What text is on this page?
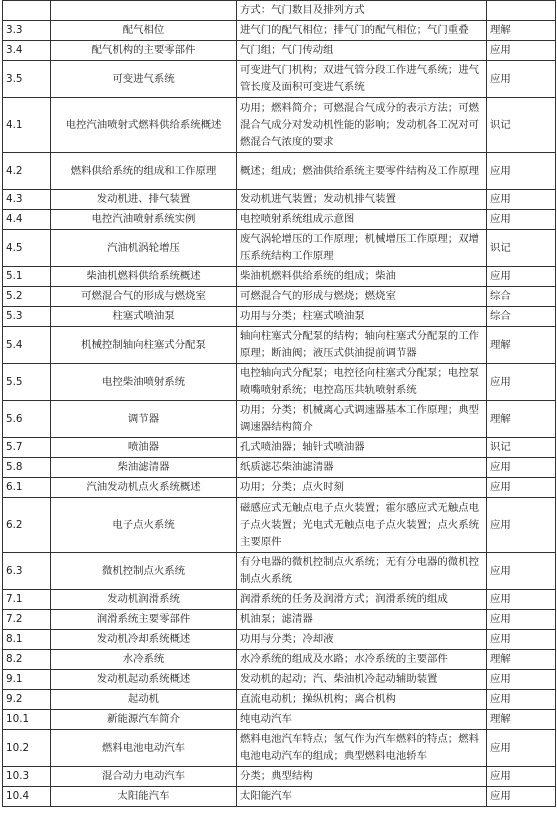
		方式：气门数目及排列方式	
3.3	配气相位	进气门的配气相位；排气门的配气相位；气门重叠	理解
3.4	配气机构的主要零部件	气门组；气门传动组	应用
3.5	可变进气系统	可变进气门机构；双进气管分段工作进气系统；进气管长度及面积可变进气系统	应用
4.1	电控汽油喷射式燃料供给系统概述	功用；燃料简介；可燃混合气成分的表示方法；可燃混合气成分对发动机性能的影响；发动机各工况对可燃混合气浓度的要求	识记
4.2	燃料供给系统的组成和工作原理	概述；组成；燃油供给系统主要零件结构及工作原理	应用
4.3	发动机进、排气装置	发动机进气装置；发动机排气装置	应用
4.4	电控汽油喷射系统实例	电控喷射系统组成示意图	应用
4.5	汽油机涡轮增压	废气涡轮增压的工作原理；机械增压工作原理；双增压系统结构工作原理	识记
5.1	柴油机燃料供给系统概述	柴油机燃料供给系统的组成；柴油	应用
5.2	可燃混合气的形成与燃烧室	可燃混合气的形成与燃烧；燃烧室	综合
5.3	柱塞式喷油泵	功用与分类；柱塞式喷油泵	综合
5.4	机械控制轴向柱塞式分配泵	轴向柱塞式分配泵的结构；轴向柱塞式分配泵的工作原理；断油阀；液压式供油提前调节器	理解
5.5	电控柴油喷射系统	电控轴向式分配泵；电控径向柱塞式分配泵；电控泵喷嘴喷射系统；电控高压共轨喷射系统	应用
5.6	调节器	功用；分类；机械离心式调速器基本工作原理；典型调速器结构简介	理解
5.7	喷油器	孔式喷油器；轴针式喷油器	识记
5.8	柴油滤清器	纸质滤芯柴油滤清器	应用
6.1	汽油发动机点火系统概述	功用；分类；点火时刻	应用
6.2	电子点火系统	磁感应式无触点电子点火装置；霍尔感应式无触点电子点火装置；光电式无触点电子点火装置；点火系统主要原件	应用
6.3	微机控制点火系统	有分电器的微机控制点火系统；无有分电器的微机控制点火系统	应用
7.1	发动机润滑系统	润滑系统的任务及润滑方式；润滑系统的组成	应用
7.2	润滑系统主要零部件	机油泵；滤清器	应用
8.1	发动机冷却系统概述	功用与分类；冷却液	应用
8.2	水冷系统	水冷系统的组成及水路；水冷系统的主要部件	理解
9.1	发动机起动系统概述	发动机的起动；汽、柴油机冷起动辅助装置	应用
9.2	起动机	直流电动机；操纵机构；离合机构	应用
10.1	新能源汽车简介	纯电动汽车	理解
10.2	燃料电池电动汽车	燃料电池汽车特点；氢气作为汽车燃料的特点；燃料电池电动汽车的组成；典型燃料电池轿车	应用
10.3	混合动力电动汽车	分类；典型结构	应用
10.4	太阳能汽车	太阳能汽车	应用
